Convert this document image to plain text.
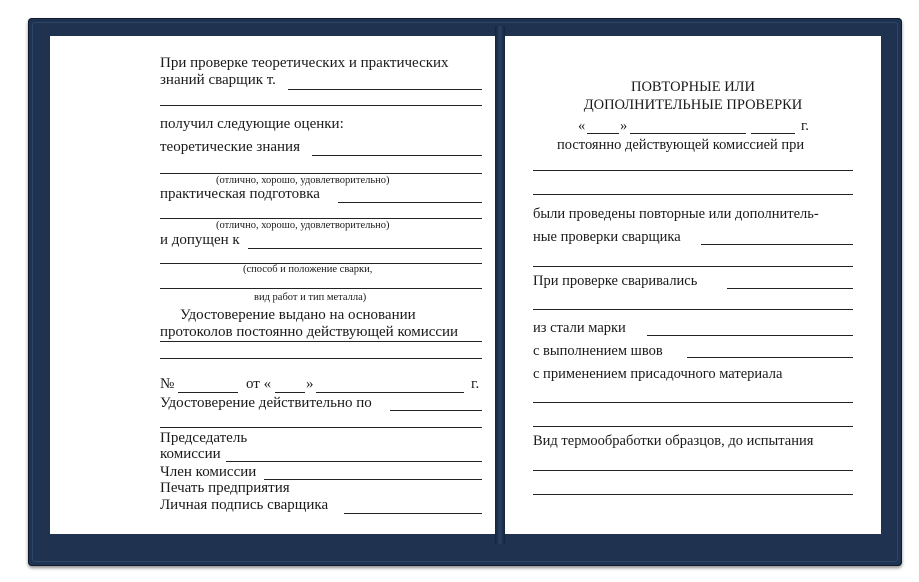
При проверке теоретических и практических
знаний сварщик т.
получил следующие оценки:
теоретические знания
(отлично, хорошо, удовлетворительно)
практическая подготовка
(отлично, хорошо, удовлетворительно)
и допущен к
(способ и положение сварки,
вид работ и тип металла)
Удостоверение выдано на основании
протоколов постоянно действующей комиссии
№	от « »	г.
Удостоверение действительно по
Председатель
комиссии
Член комиссии
Печать предприятия
Личная подпись сварщика
ПОВТОРНЫЕ ИЛИ
ДОПОЛНИТЕЛЬНЫЕ ПРОВЕРКИ
« »	г.
постоянно действующей комиссией при
были проведены повторные или дополнитель-
ные проверки сварщика
При проверке сваривались
из стали марки
с выполнением швов
с применением присадочного материала
Вид термообработки образцов, до испытания
